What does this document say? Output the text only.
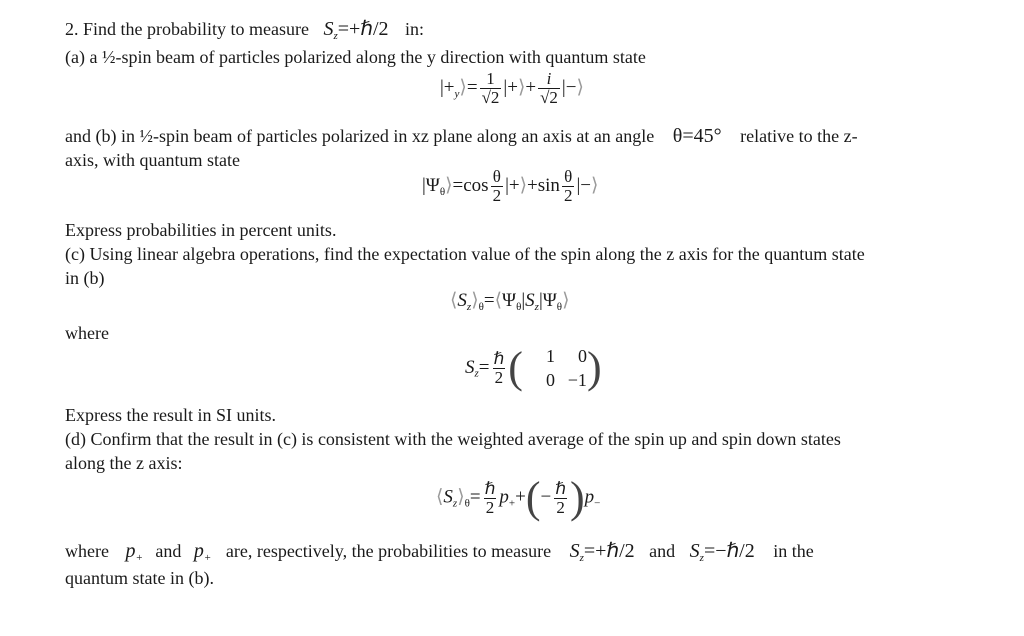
2. Find the probability to measure $S_z=+\hbar/2$ in:
(a) a ½-spin beam of particles polarized along the y direction with quantum state
$|+_y⟩= \frac{1}{√2}$ |+⟩+ $\frac{i}{√2}$ |−⟩
and (b) in ½-spin beam of particles polarized in xz plane along an axis at an angle θ=45° relative to the z-
axis, with quantum state
$|\Psi_\theta⟩=\cos \frac{\theta}{2}$ |+⟩+sin $\frac{\theta}{2}$ |−⟩
Express probabilities in percent units.
(c) Using linear algebra operations, find the expectation value of the spin along the z axis for the quantum state
in (b)
$⟨S_z⟩_\theta=⟨\Psi_\theta|S_z|\Psi_\theta⟩$
where
$S_z= \frac{\text{ℏ}}{2}$ (	1	0
0 −1 )
Express the result in SI units.
(d) Confirm that the result in (c) is consistent with the weighted average of the spin up and spin down states
along the z axis:
$⟨S_z⟩_\theta= \frac{\text{ℏ}}{2} p_++(- \frac{\text{ℏ}}{2} )p_-$
where $p_+$ and $p_+$ are, respectively, the probabilities to measure $S_z=+\hbar/2$ and $S_z=-\hbar/2$ in the
quantum state in (b).
